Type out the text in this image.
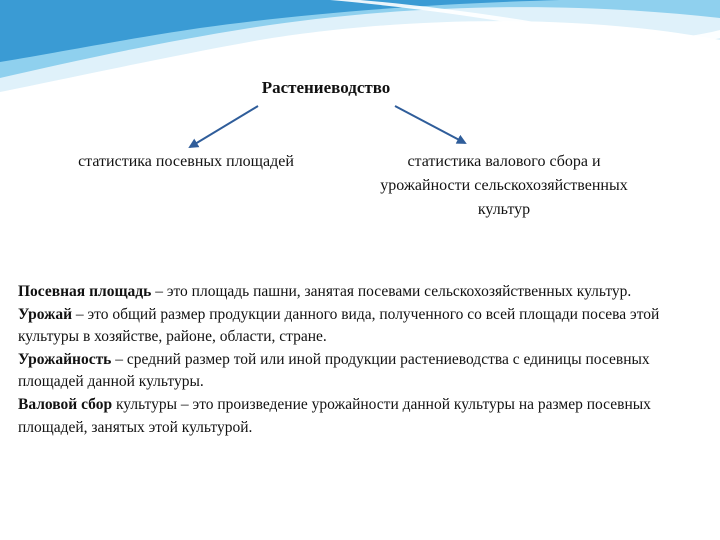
Растениеводство
статистика посевных площадей	статистика валового сбора и урожайности сельскохозяйственных культур

Посевная площадь – это площадь пашни, занятая посевами сельскохозяйственных культур.

Урожай – это общий размер продукции данного вида, полученного со всей площади посева этой культуры в хозяйстве, районе, области, стране.

Урожайность – средний размер той или иной продукции растениеводства с единицы посевных площадей данной культуры.

Валовой сбор культуры – это произведение урожайности данной культуры на размер посевных площадей, занятых этой культурой.
